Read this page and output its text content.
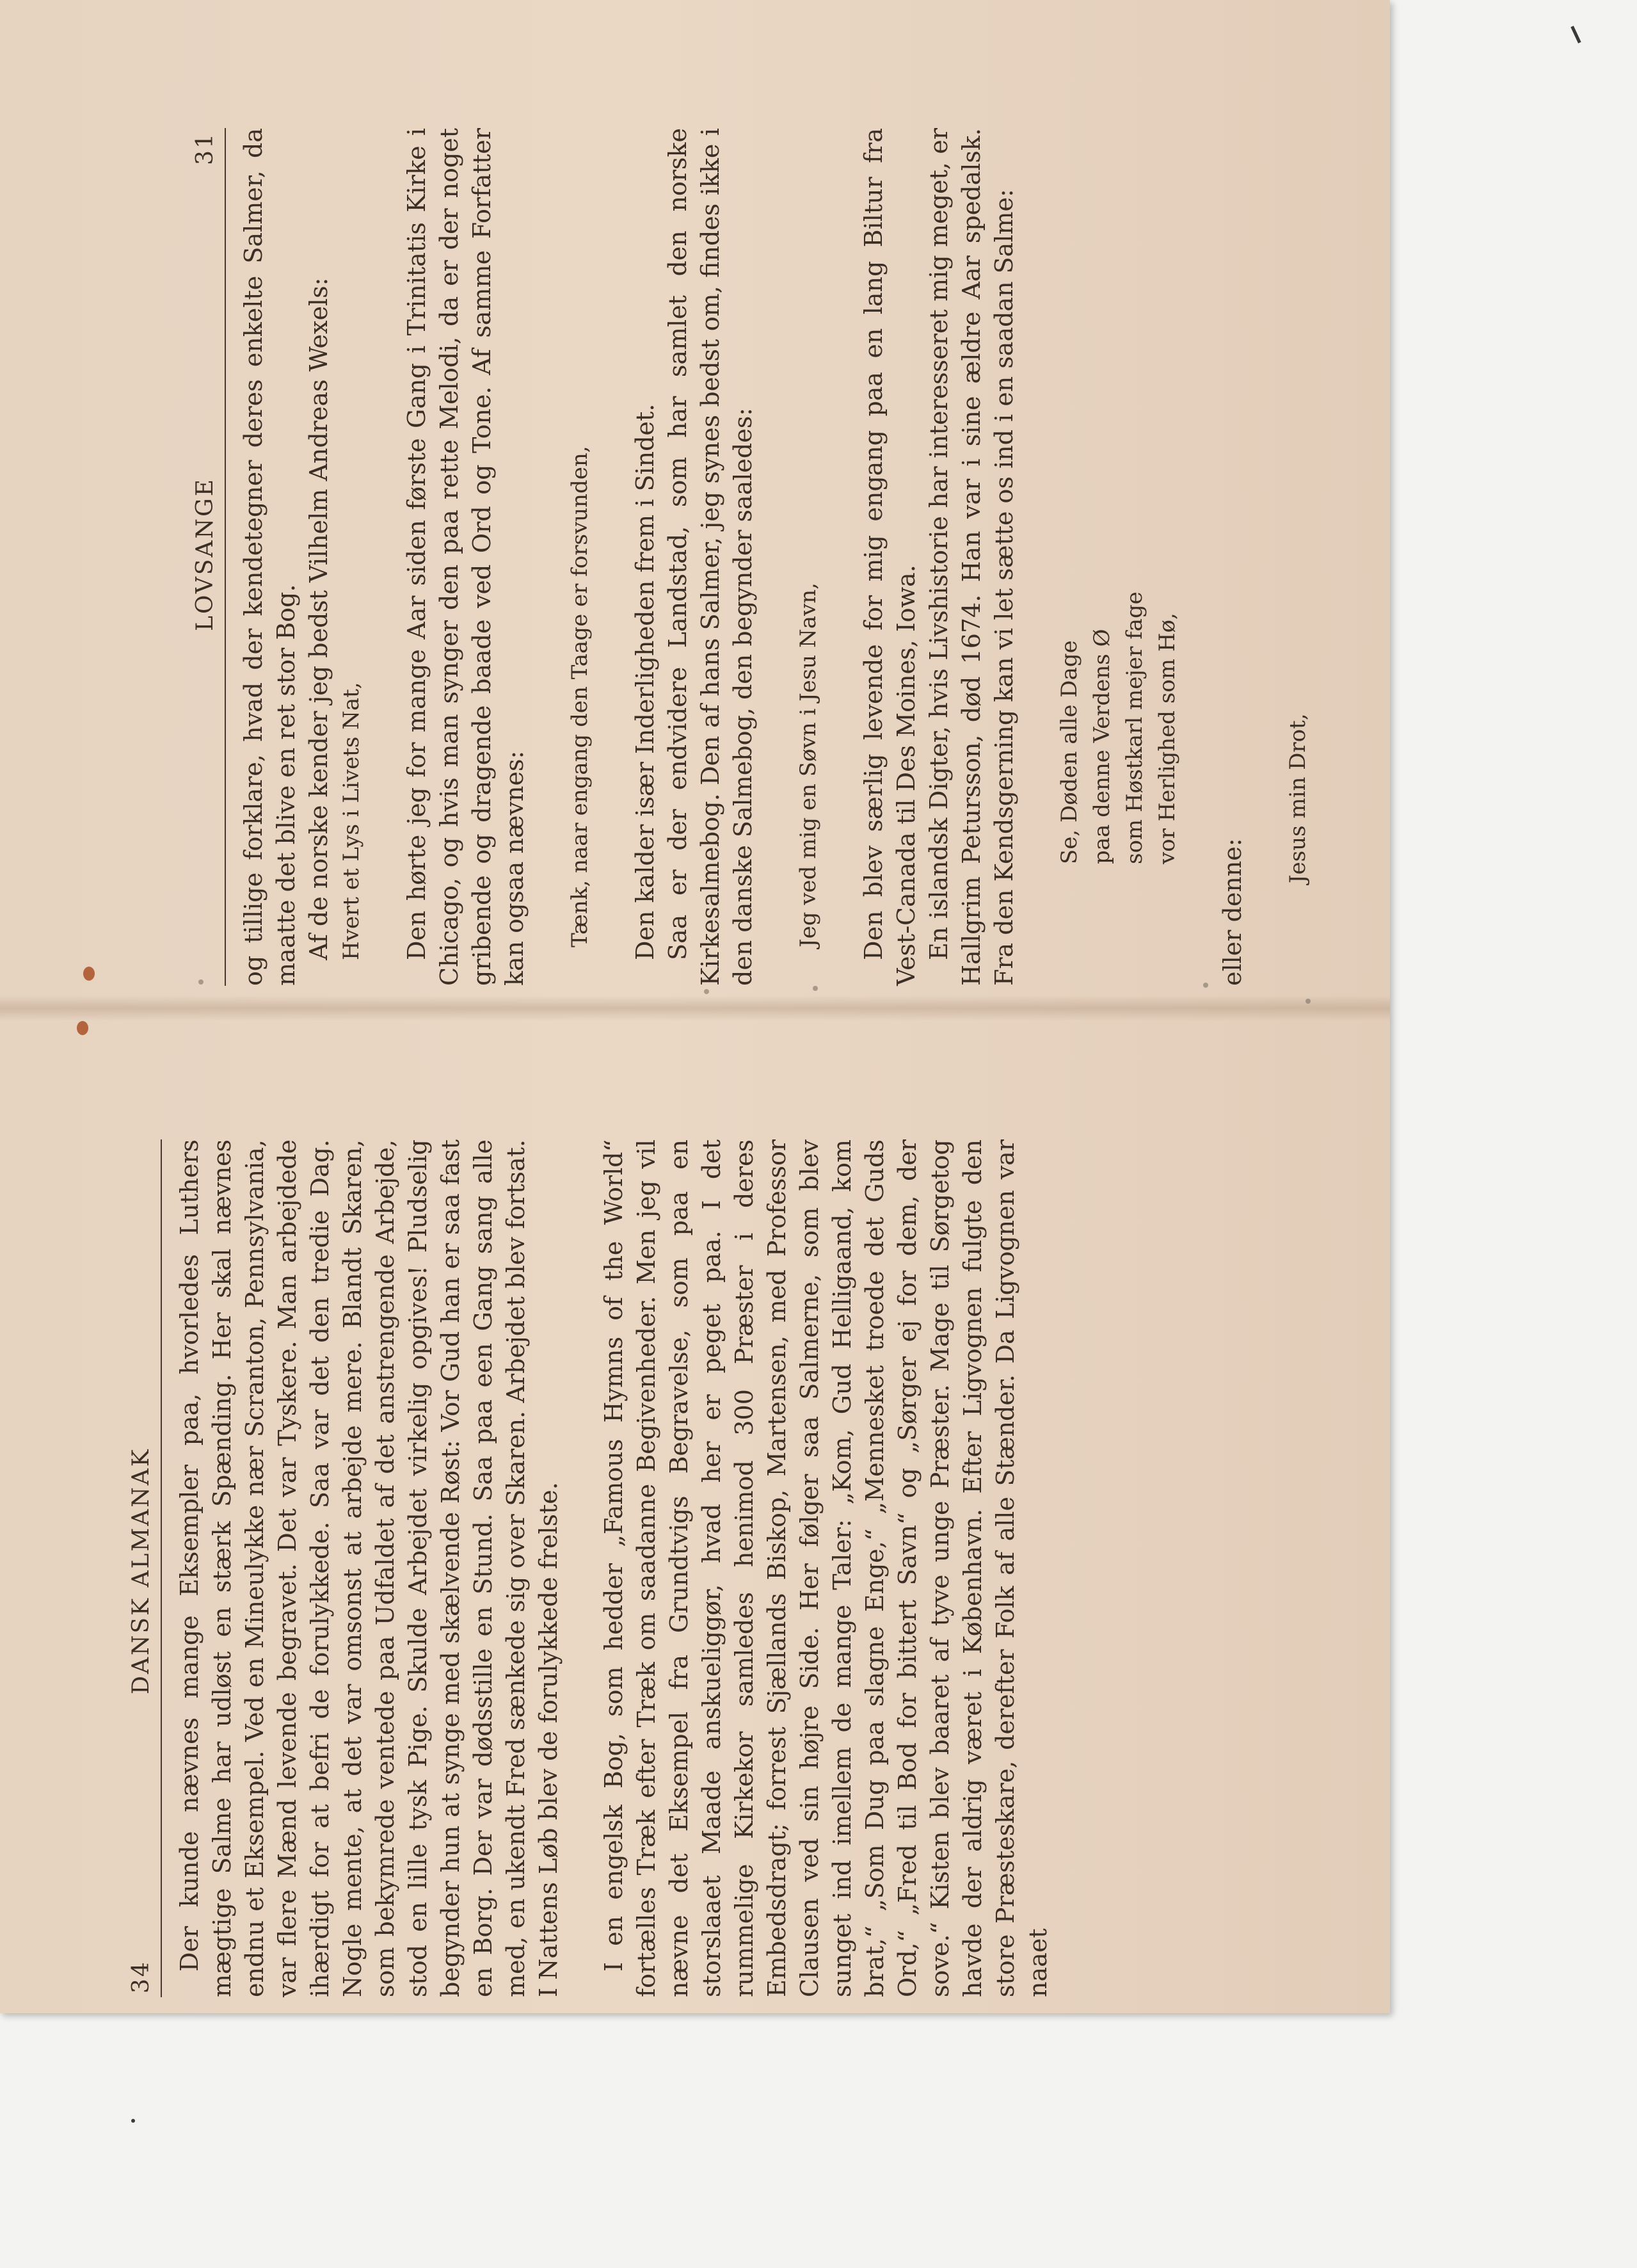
34
DANSK ALMANAK Der kunde nævnes mange Eksempler paa, hvorledes Luthers mægtige Salme har udløst en stærk Spænding. Her skal nævnes endnu et Eksempel. Ved en Mineulykke nær Scranton, Pennsylvania, var flere Mænd levende begravet. Det var Tyskere. Man arbejdede ihærdigt for at befri de forulykkede. Saa var det den tredie Dag. Nogle mente, at det var omsonst at arbejde mere. Blandt Skaren, som bekymrede ventede paa Udfaldet af det anstrengende Arbejde, stod en lille tysk Pige. Skulde Arbejdet virkelig opgives! Pludselig begynder hun at synge med skælvende Røst: Vor Gud han er saa fast en Borg. Der var dødsstille en Stund. Saa paa een Gang sang alle med, en ukendt Fred sænkede sig over Skaren. Arbejdet blev fortsat. I Nattens Løb blev de forulykkede frelste. I en engelsk Bog, som hedder „Famous Hymns of the World“ fortælles Træk efter Træk om saadanne Begivenheder. Men jeg vil nævne det Eksempel fra Grundtvigs Begravelse, som paa en storslaaet Maade anskueliggør, hvad her er peget paa. I det rummelige Kirkekor samledes henimod 300 Præster i deres Embedsdragt; forrest Sjællands Biskop, Martensen, med Professor Clausen ved sin højre Side. Her følger saa Salmerne, som blev sunget ind imellem de mange Taler: „Kom, Gud Helligaand, kom brat,“ „Som Dug paa slagne Enge,“ „Mennesket troede det Guds Ord,“ „Fred til Bod for bittert Savn“ og „Sørger ej for dem, der sove.“ Kisten blev baaret af tyve unge Præster. Mage til Sørgetog havde der aldrig været i København. Efter Ligvognen fulgte den store Præsteskare, derefter Folk af alle Stænder. Da Ligvognen var naaet

LOVSANGE
31 og tillige forklare, hvad der kendetegner deres enkelte Salmer, da maatte det blive en ret stor Bog. Af de norske kender jeg bedst Vilhelm Andreas Wexels: Hvert et Lys i Livets Nat, Den hørte jeg for mange Aar siden første Gang i Trinitatis Kirke i Chicago, og hvis man synger den paa rette Melodi, da er der noget gribende og dragende baade ved Ord og Tone. Af samme Forfatter kan ogsaa nævnes: Tænk, naar engang den Taage er forsvunden, Den kalder især Inderligheden frem i Sindet. Saa er der endvidere Landstad, som har samlet den norske Kirkesalmebog. Den af hans Salmer, jeg synes bedst om, findes ikke i den danske Salmebog, den begynder saaledes: Jeg ved mig en Søvn i Jesu Navn, Den blev særlig levende for mig engang paa en lang Biltur fra Vest-Canada til Des Moines, Iowa. En islandsk Digter, hvis Livshistorie har interesseret mig meget, er Hallgrim Petursson, død 1674. Han var i sine ældre Aar spedalsk. Fra den Kendsgerning kan vi let sætte os ind i en saadan Salme: Se, Døden alle Dage paa denne Verdens Ø som Høstkarl mejer fage vor Herlighed som Hø,

eller denne:

Jesus min Drot,
